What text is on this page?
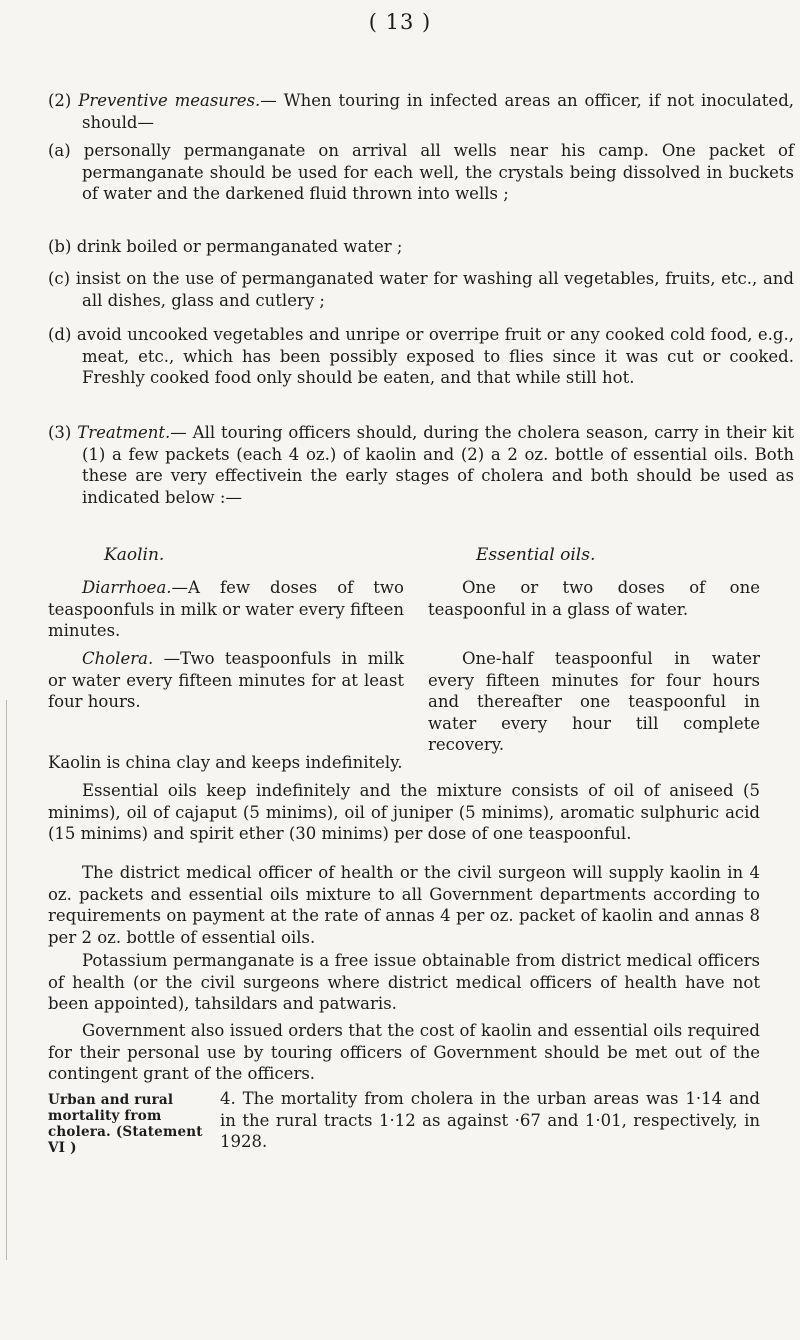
( 13 )
(2) Preventive measures.— When touring in infected areas an officer, if not inoculated, should—
(a) personally permanganate on arrival all wells near his camp. One packet of permanganate should be used for each well, the crystals being dissolved in buckets of water and the darkened fluid thrown into wells ;
(b) drink boiled or permanganated water ;
(c) insist on the use of permanganated water for washing all vegetables, fruits, etc., and all dishes, glass and cutlery ;
(d) avoid uncooked vegetables and unripe or overripe fruit or any cooked cold food, e.g., meat, etc., which has been possibly exposed to flies since it was cut or cooked. Freshly cooked food only should be eaten, and that while still hot.
(3) Treatment.— All touring officers should, during the cholera season, carry in their kit (1) a few packets (each 4 oz.) of kaolin and (2) a 2 oz. bottle of essential oils. Both these are very effectivein the early stages of cholera and both should be used as indicated below :—
Kaolin.	Essential oils.
Diarrhoea.—A few doses of two teaspoonfuls in milk or water every fifteen minutes.
One or two doses of one teaspoonful in a glass of water.
Cholera. —Two teaspoonfuls in milk or water every fifteen minutes for at least four hours.
One-half teaspoonful in water every fifteen minutes for four hours and thereafter one teaspoonful in water every hour till complete recovery.
Kaolin is china clay and keeps indefinitely.
Essential oils keep indefinitely and the mixture consists of oil of aniseed (5 minims), oil of cajaput (5 minims), oil of juniper (5 minims), aromatic sulphuric acid (15 minims) and spirit ether (30 minims) per dose of one teaspoonful.
The district medical officer of health or the civil surgeon will supply kaolin in 4 oz. packets and essential oils mixture to all Government departments according to requirements on payment at the rate of annas 4 per oz. packet of kaolin and annas 8 per 2 oz. bottle of essential oils.
Potassium permanganate is a free issue obtainable from district medical officers of health (or the civil surgeons where district medical officers of health have not been appointed), tahsildars and patwaris.
Government also issued orders that the cost of kaolin and essential oils required for their personal use by touring officers of Government should be met out of the contingent grant of the officers.
Urban and rural mortality from cholera. (Statement VI )
4. The mortality from cholera in the urban areas was 1·14 and in the rural tracts 1·12 as against ·67 and 1·01, respectively, in 1928.
